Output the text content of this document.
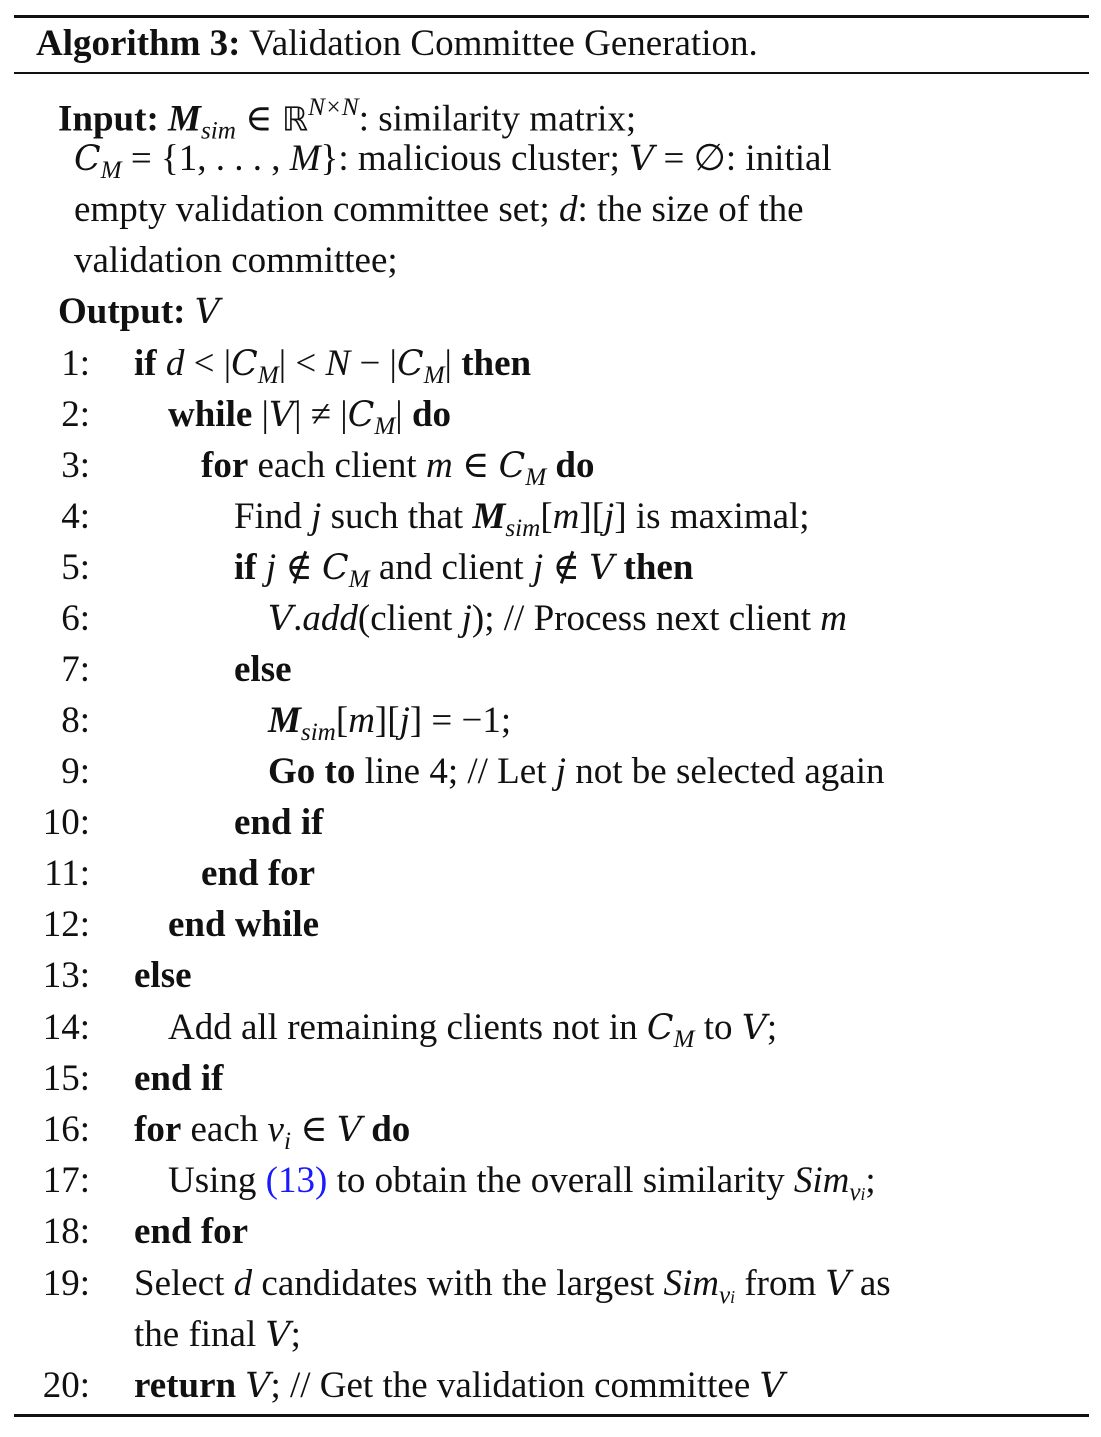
Algorithm 3: Validation Committee Generation.
Input: $M_{sim}$ ∈ ℝ$^{N\times N}$: similarity matrix;
$C_M = \{1$, . . . , M}: malicious cluster; V = ∅: initial
empty validation committee set; d: the size of the
validation committee;
Output: V
1: if $d < |C_M| < N - |C_M|$ then
2: while $|V| \ne |C_M|$ do
3:	for each client m ∈ $C_M$ do
4:	Find j such that $M_{sim}[m][j]$ is maximal;
5:	if j ∉ $C_M$ and client j ∉ V then
6:	V.add(client j); // Process next client m
7:	else
8:	$M_{sim}[m][j] = -1$;
9:	Go to line 4; // Let j not be selected again
10:	end if
11:	end for
12: end while
13: else
14: Add all remaining clients not in $C_M$ to V;
15: end if
16: for each $v_i$ ∈ V do
17: Using (13) to obtain the overall similarity Sim$_{vi}$;
18: end for
19: Select d candidates with the largest Sim$_{vi}$ from V as
the final V;
20: return V; // Get the validation committee V
